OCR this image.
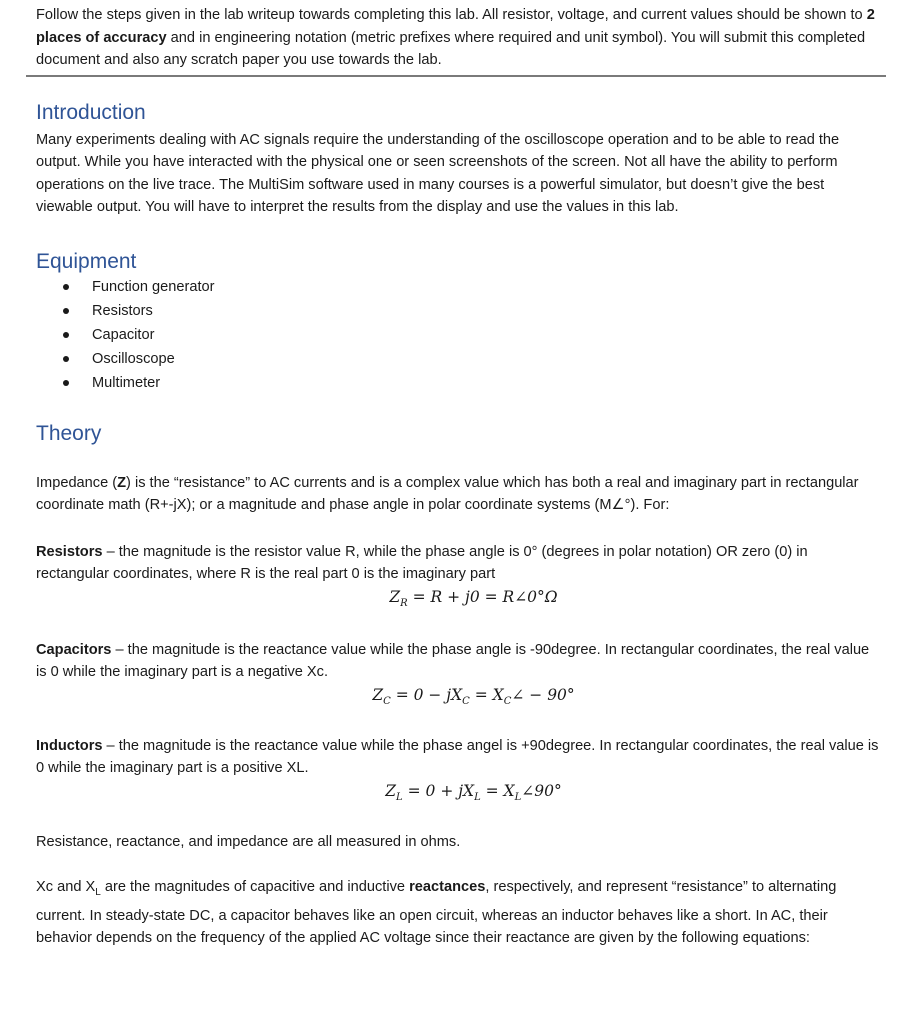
Follow the steps given in the lab writeup towards completing this lab. All resistor, voltage, and current values should be shown to 2 places of accuracy and in engineering notation (metric prefixes where required and unit symbol). You will submit this completed document and also any scratch paper you use towards the lab.

Introduction

Many experiments dealing with AC signals require the understanding of the oscilloscope operation and to be able to read the output. While you have interacted with the physical one or seen screenshots of the screen. Not all have the ability to perform operations on the live trace. The MultiSim software used in many courses is a powerful simulator, but doesn’t give the best viewable output. You will have to interpret the results from the display and use the values in this lab.

Equipment
Function generator
Resistors
Capacitor
Oscilloscope
Multimeter
Theory

Impedance (Z) is the “resistance” to AC currents and is a complex value which has both a real and imaginary part in rectangular coordinate math (R+-jX); or a magnitude and phase angle in polar coordinate systems (M∠°). For:

Resistors – the magnitude is the resistor value R, while the phase angle is 0° (degrees in polar notation) OR zero (0) in rectangular coordinates, where R is the real part 0 is the imaginary part

$Z_R = R + j0$ = R∠0°Ω

Capacitors – the magnitude is the reactance value while the phase angle is -90degree. In rectangular coordinates, the real value is 0 while the imaginary part is a negative Xc.

$Z_C = 0 - jX_C$ = $X_C\angle - 90^\circ$

Inductors – the magnitude is the reactance value while the phase angel is +90degree. In rectangular coordinates, the real value is 0 while the imaginary part is a positive XL.

$Z_L = 0 + jX_L$ = $X_L\angle 90^\circ$

Resistance, reactance, and impedance are all measured in ohms.

Xc and $X_L$ are the magnitudes of capacitive and inductive reactances, respectively, and represent “resistance” to alternating current. In steady-state DC, a capacitor behaves like an open circuit, whereas an inductor behaves like a short. In AC, their behavior depends on the frequency of the applied AC voltage since their reactance are given by the following equations:
